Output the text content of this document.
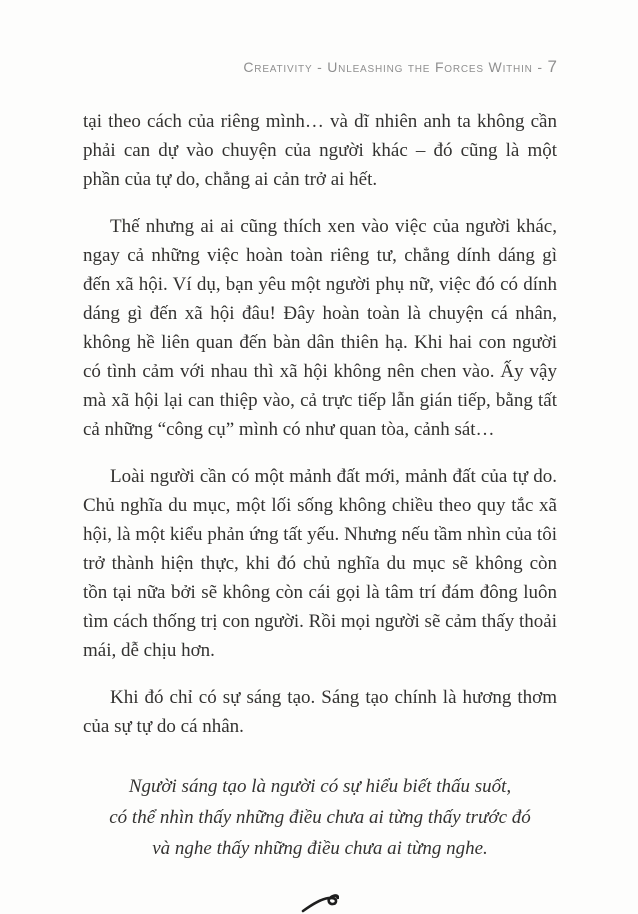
Creativity - Unleashing the Forces Within - 7

tại theo cách của riêng mình… và dĩ nhiên anh ta không cần phải can dự vào chuyện của người khác – đó cũng là một phần của tự do, chẳng ai cản trở ai hết.

Thế nhưng ai ai cũng thích xen vào việc của người khác, ngay cả những việc hoàn toàn riêng tư, chẳng dính dáng gì đến xã hội. Ví dụ, bạn yêu một người phụ nữ, việc đó có dính dáng gì đến xã hội đâu! Đây hoàn toàn là chuyện cá nhân, không hề liên quan đến bàn dân thiên hạ. Khi hai con người có tình cảm với nhau thì xã hội không nên chen vào. Ấy vậy mà xã hội lại can thiệp vào, cả trực tiếp lẫn gián tiếp, bằng tất cả những “công cụ” mình có như quan tòa, cảnh sát…

Loài người cần có một mảnh đất mới, mảnh đất của tự do. Chủ nghĩa du mục, một lối sống không chiều theo quy tắc xã hội, là một kiểu phản ứng tất yếu. Nhưng nếu tầm nhìn của tôi trở thành hiện thực, khi đó chủ nghĩa du mục sẽ không còn tồn tại nữa bởi sẽ không còn cái gọi là tâm trí đám đông luôn tìm cách thống trị con người. Rồi mọi người sẽ cảm thấy thoải mái, dễ chịu hơn.

Khi đó chỉ có sự sáng tạo. Sáng tạo chính là hương thơm của sự tự do cá nhân.

Người sáng tạo là người có sự hiểu biết thấu suốt,
có thể nhìn thấy những điều chưa ai từng thấy trước đó
và nghe thấy những điều chưa ai từng nghe.
